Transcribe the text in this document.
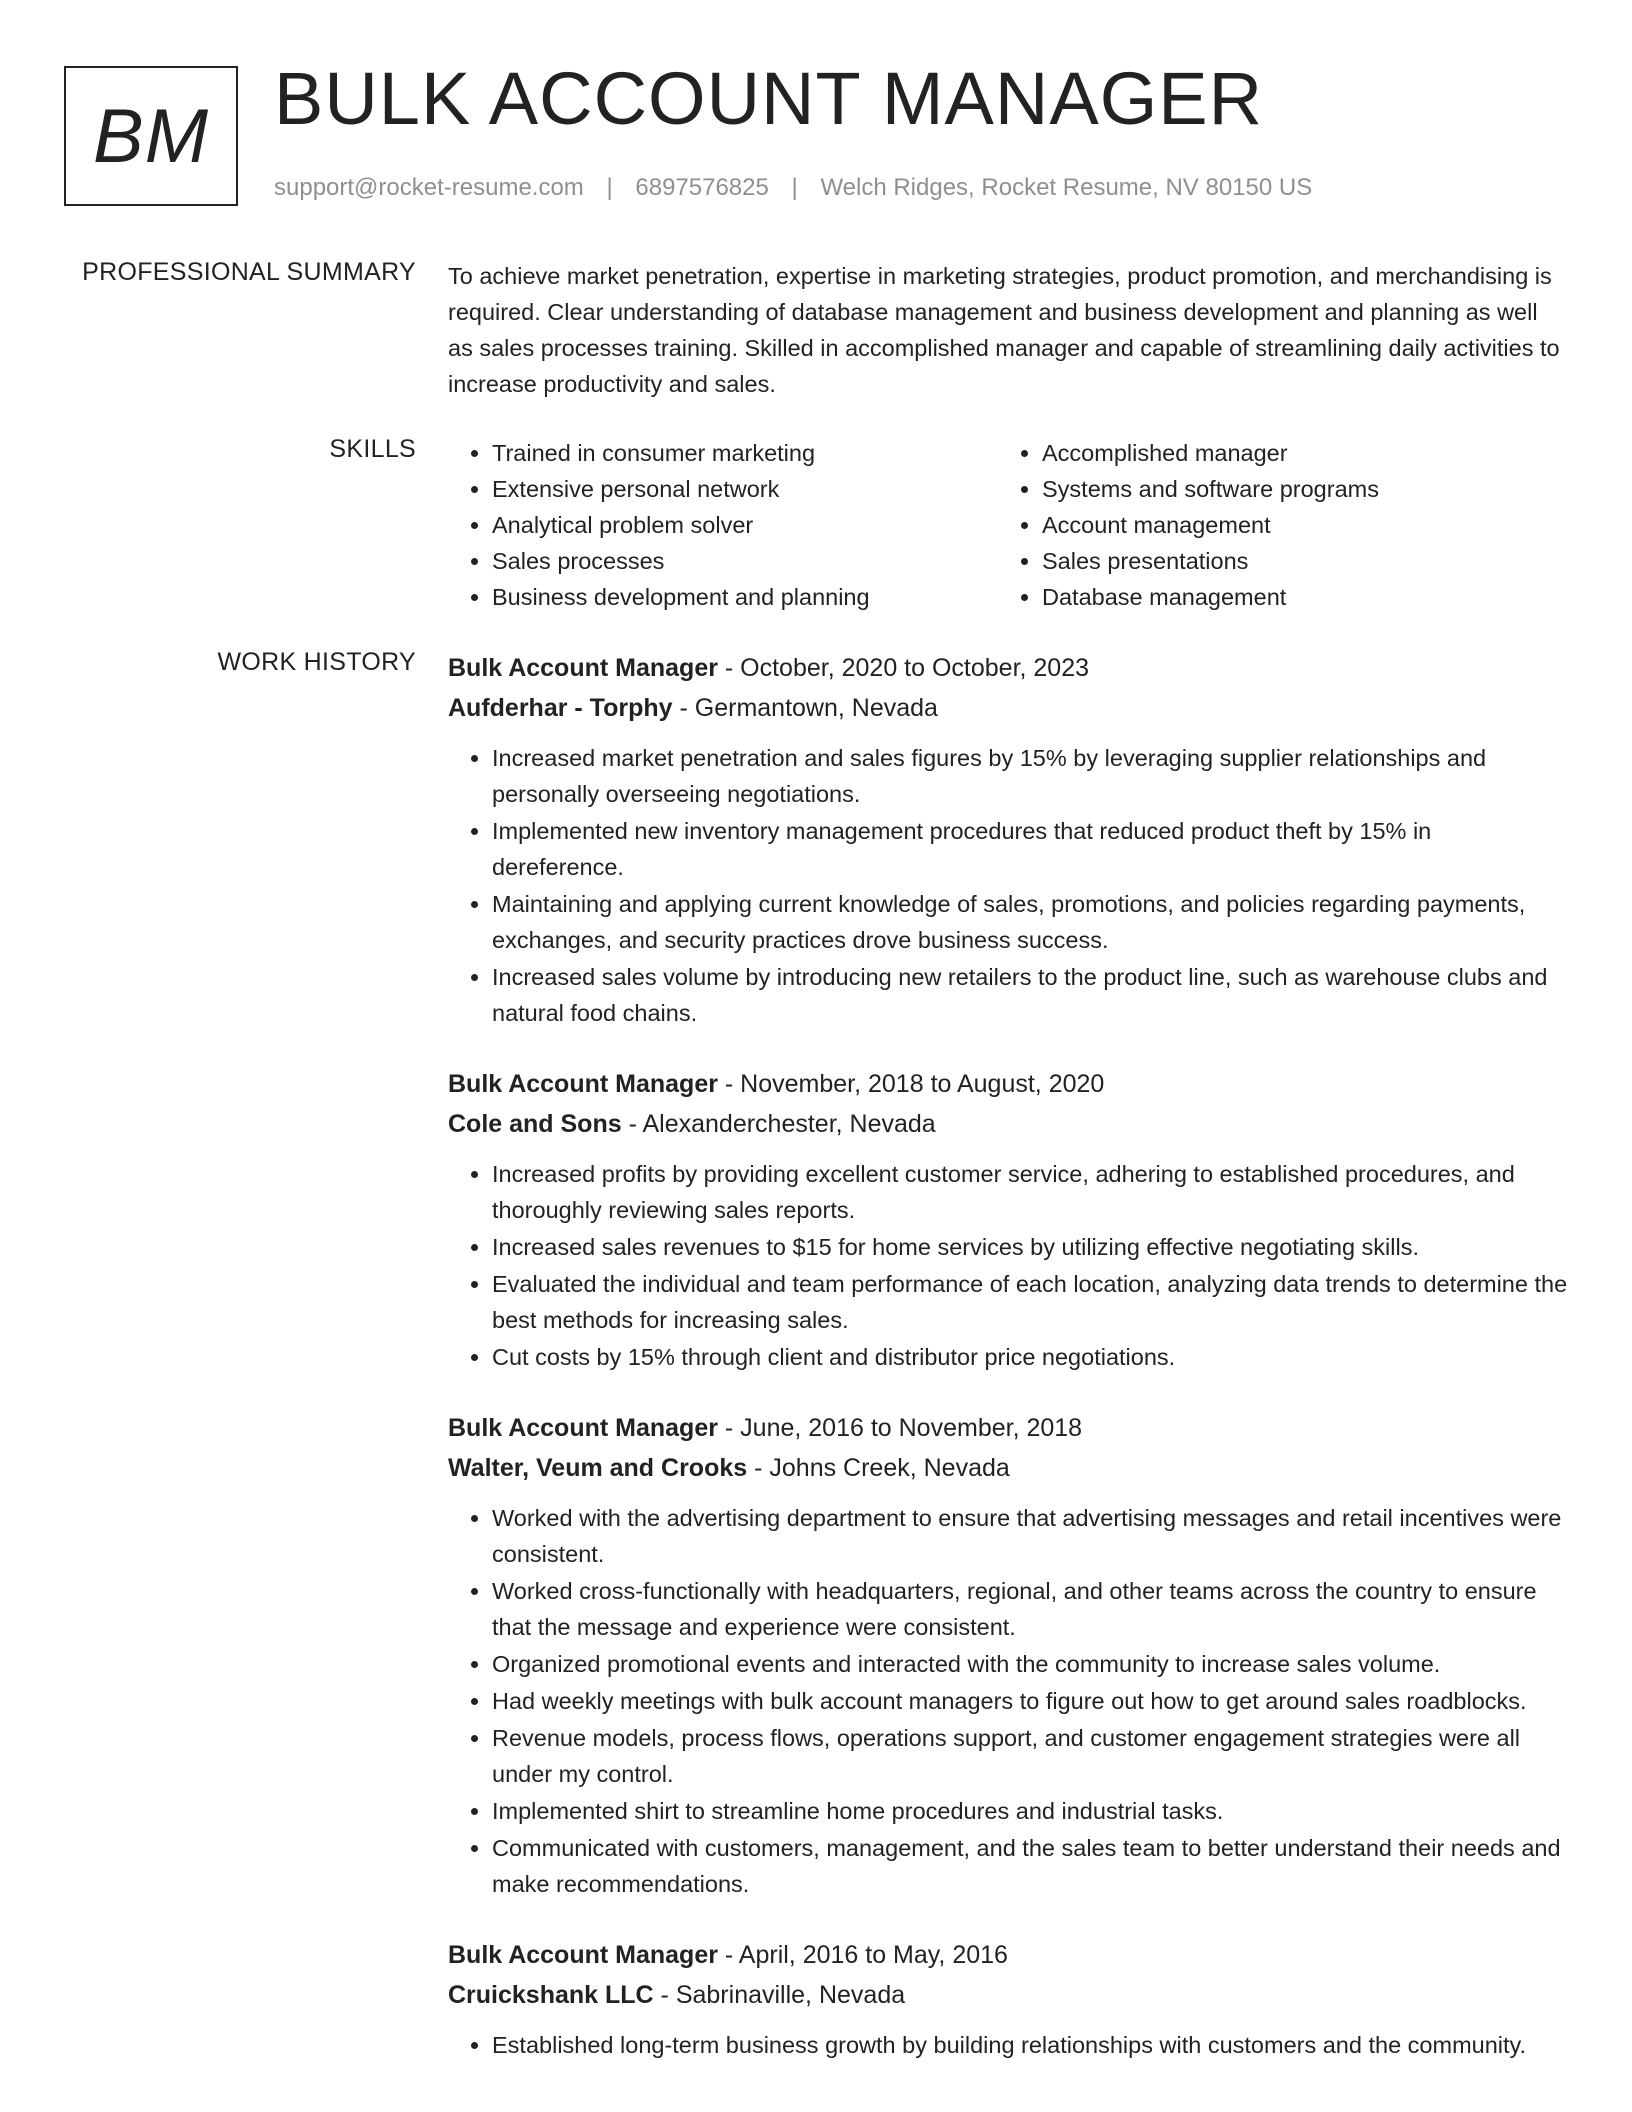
BM BULK ACCOUNT MANAGER
support@rocket-resume.com | 6897576825 | Welch Ridges, Rocket Resume, NV 80150 US
PROFESSIONAL SUMMARY To achieve market penetration, expertise in marketing strategies, product promotion, and merchandising is required. Clear understanding of database management and business development and planning as well as sales processes training. Skilled in accomplished manager and capable of streamlining daily activities to increase productivity and sales.

SKILLS
•	Trained in consumer marketing
• Extensive personal network
• Analytical problem solver
• Sales processes
• Business development and planning
• Accomplished manager
• Systems and software programs
• Account management
• Sales presentations
• Database management
WORK HISTORY Bulk Account Manager - October, 2020 to October, 2023
Aufderhar - Torphy - Germantown, Nevada
• Increased market penetration and sales figures by 15% by leveraging supplier relationships and personally overseeing negotiations.
• Implemented new inventory management procedures that reduced product theft by 15% in dereference.
• Maintaining and applying current knowledge of sales, promotions, and policies regarding payments, exchanges, and security practices drove business success.
• Increased sales volume by introducing new retailers to the product line, such as warehouse clubs and natural food chains.
Bulk Account Manager - November, 2018 to August, 2020
Cole and Sons - Alexanderchester, Nevada
• Increased profits by providing excellent customer service, adhering to established procedures, and thoroughly reviewing sales reports.
• Increased sales revenues to $15 for home services by utilizing effective negotiating skills.
• Evaluated the individual and team performance of each location, analyzing data trends to determine the best methods for increasing sales.
• Cut costs by 15% through client and distributor price negotiations.
Bulk Account Manager - June, 2016 to November, 2018
Walter, Veum and Crooks - Johns Creek, Nevada
• Worked with the advertising department to ensure that advertising messages and retail incentives were consistent.
• Worked cross-functionally with headquarters, regional, and other teams across the country to ensure that the message and experience were consistent.
• Organized promotional events and interacted with the community to increase sales volume.
• Had weekly meetings with bulk account managers to figure out how to get around sales roadblocks.
• Revenue models, process flows, operations support, and customer engagement strategies were all under my control.
• Implemented shirt to streamline home procedures and industrial tasks.
• Communicated with customers, management, and the sales team to better understand their needs and make recommendations.
Bulk Account Manager - April, 2016 to May, 2016
Cruickshank LLC - Sabrinaville, Nevada
• Established long-term business growth by building relationships with customers and the community.
